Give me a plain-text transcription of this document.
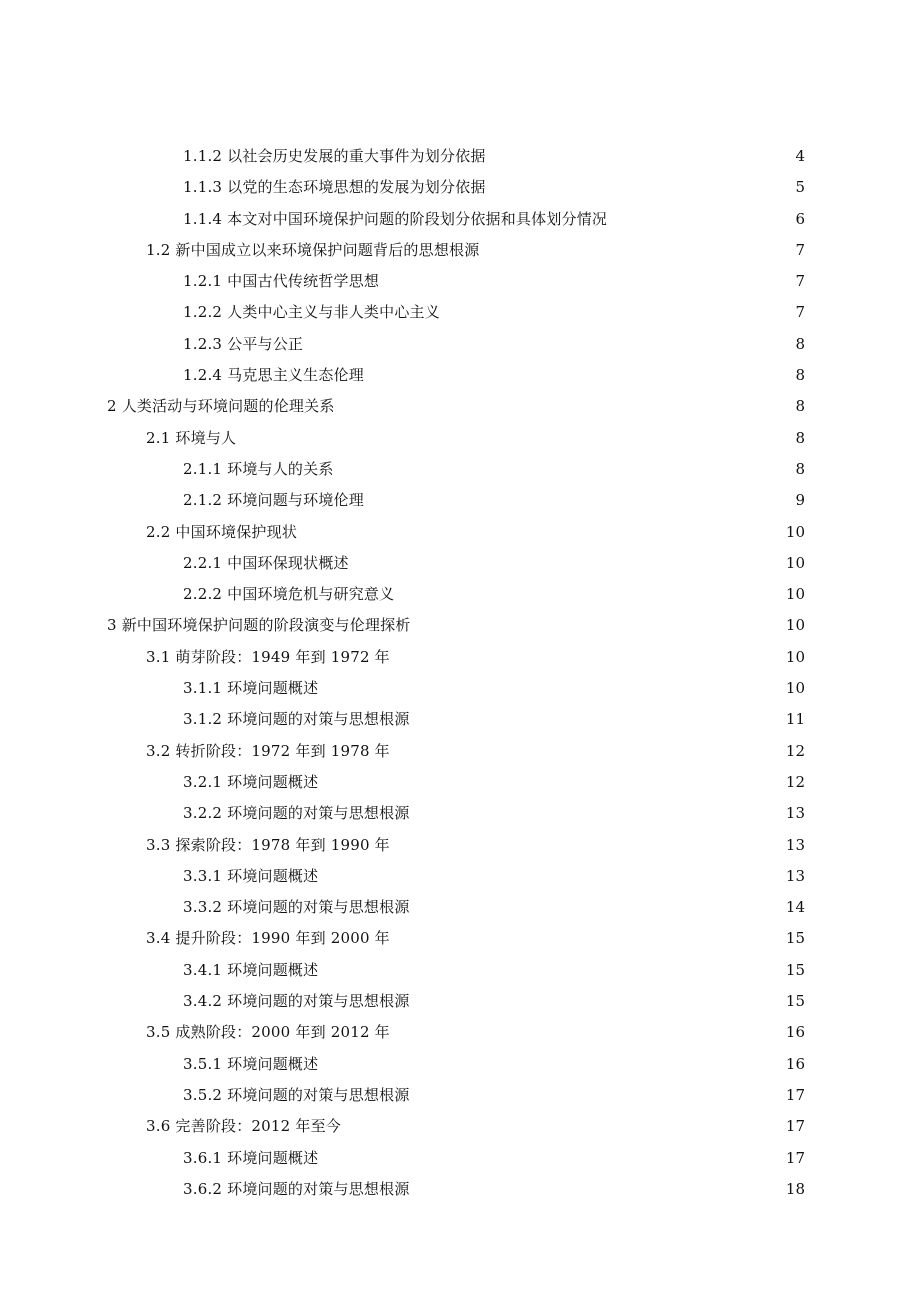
1.1.2 以社会历史发展的重大事件为划分依据	4
1.1.3 以党的生态环境思想的发展为划分依据	5
1.1.4 本文对中国环境保护问题的阶段划分依据和具体划分情况	6
1.2 新中国成立以来环境保护问题背后的思想根源	7
1.2.1 中国古代传统哲学思想	7
1.2.2 人类中心主义与非人类中心主义	7
1.2.3 公平与公正	8
1.2.4 马克思主义生态伦理	8
2 人类活动与环境问题的伦理关系	8
2.1 环境与人	8
2.1.1 环境与人的关系	8
2.1.2 环境问题与环境伦理	9
2.2 中国环境保护现状	10
2.2.1 中国环保现状概述	10
2.2.2 中国环境危机与研究意义	10
3 新中国环境保护问题的阶段演变与伦理探析	10
3.1 萌芽阶段：1949 年到 1972 年	10
3.1.1 环境问题概述	10
3.1.2 环境问题的对策与思想根源	11
3.2 转折阶段：1972 年到 1978 年	12
3.2.1 环境问题概述	12
3.2.2 环境问题的对策与思想根源	13
3.3 探索阶段：1978 年到 1990 年	13
3.3.1 环境问题概述	13
3.3.2 环境问题的对策与思想根源	14
3.4 提升阶段：1990 年到 2000 年	15
3.4.1 环境问题概述	15
3.4.2 环境问题的对策与思想根源	15
3.5 成熟阶段：2000 年到 2012 年	16
3.5.1 环境问题概述	16
3.5.2 环境问题的对策与思想根源	17
3.6 完善阶段：2012 年至今	17
3.6.1 环境问题概述	17
3.6.2 环境问题的对策与思想根源	18
